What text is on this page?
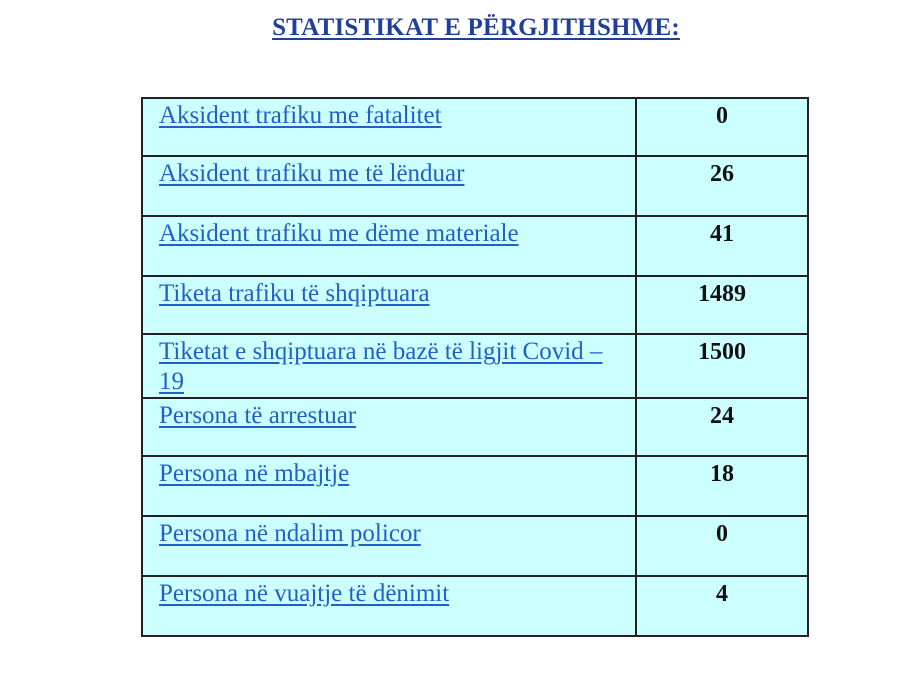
STATISTIKAT E PËRGJITHSHME:
Aksident trafiku me fatalitet	0
Aksident trafiku me të lënduar	26
Aksident trafiku me dëme materiale	41
Tiketa trafiku të shqiptuara	1489
Tiketat e shqiptuara në bazë të ligjit Covid – 19	1500
Persona të arrestuar	24
Persona në mbajtje	18
Persona në ndalim policor	0
Persona në vuajtje të dënimit	4
